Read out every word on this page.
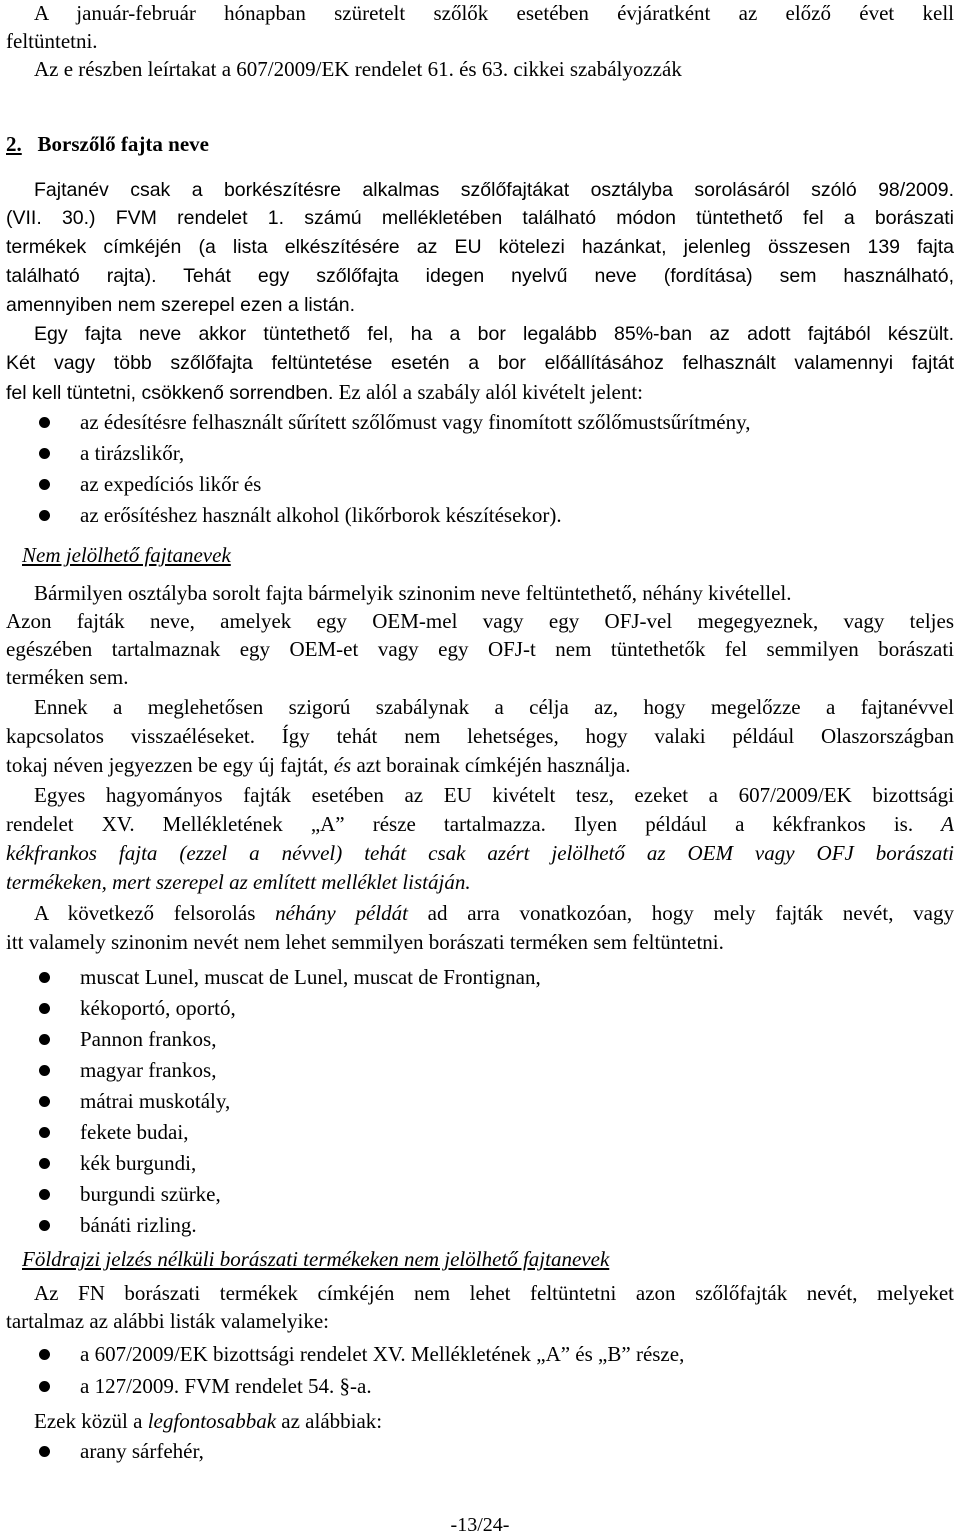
A január-február hónapban szüretelt szőlők esetében évjáratként az előző évet kell
feltüntetni.
Az e részben leírtakat a 607/2009/EK rendelet 61. és 63. cikkei szabályozzák
2. Borszőlő fajta neve
Fajtanév csak a borkészítésre alkalmas szőlőfajtákat osztályba sorolásáról szóló 98/2009.
(VII. 30.) FVM rendelet 1. számú mellékletében található módon tüntethető fel a borászati
termékek címkéjén (a lista elkészítésére az EU kötelezi hazánkat, jelenleg összesen 139 fajta
található rajta). Tehát egy szőlőfajta idegen nyelvű neve (fordítása) sem használható,
amennyiben nem szerepel ezen a listán.
Egy fajta neve akkor tüntethető fel, ha a bor legalább 85%-ban az adott fajtából készült.
Két vagy több szőlőfajta feltüntetése esetén a bor előállításához felhasznált valamennyi fajtát
fel kell tüntetni, csökkenő sorrendben. Ez alól a szabály alól kivételt jelent:
az édesítésre felhasznált sűrített szőlőmust vagy finomított szőlőmustsűrítmény,
a tirázslikőr,
az expedíciós likőr és
az erősítéshez használt alkohol (likőrborok készítésekor).
Nem jelölhető fajtanevek
Bármilyen osztályba sorolt fajta bármelyik szinonim neve feltüntethető, néhány kivétellel.
Azon fajták neve, amelyek egy OEM-mel vagy egy OFJ-vel megegyeznek, vagy teljes
egészében tartalmaznak egy OEM-et vagy egy OFJ-t nem tüntethetők fel semmilyen borászati
terméken sem.
Ennek a meglehetősen szigorú szabálynak a célja az, hogy megelőzze a fajtanévvel
kapcsolatos visszaéléseket. Így tehát nem lehetséges, hogy valaki például Olaszországban
tokaj néven jegyezzen be egy új fajtát, és azt borainak címkéjén használja.
Egyes hagyományos fajták esetében az EU kivételt tesz, ezeket a 607/2009/EK bizottsági
rendelet XV. Mellékletének „A” része tartalmazza. Ilyen például a kékfrankos is. A
kékfrankos fajta (ezzel a névvel) tehát csak azért jelölhető az OEM vagy OFJ borászati
termékeken, mert szerepel az említett melléklet listáján.
A következő felsorolás néhány példát ad arra vonatkozóan, hogy mely fajták nevét, vagy
itt valamely szinonim nevét nem lehet semmilyen borászati terméken sem feltüntetni.
muscat Lunel, muscat de Lunel, muscat de Frontignan,
kékoportó, oportó,
Pannon frankos,
magyar frankos,
mátrai muskotály,
fekete budai,
kék burgundi,
burgundi szürke,
bánáti rizling.
Földrajzi jelzés nélküli borászati termékeken nem jelölhető fajtanevek
Az FN borászati termékek címkéjén nem lehet feltüntetni azon szőlőfajták nevét, melyeket
tartalmaz az alábbi listák valamelyike:
a 607/2009/EK bizottsági rendelet XV. Mellékletének „A” és „B” része,
a 127/2009. FVM rendelet 54. §-a.
Ezek közül a legfontosabbak az alábbiak:
arany sárfehér,
-13/24-
